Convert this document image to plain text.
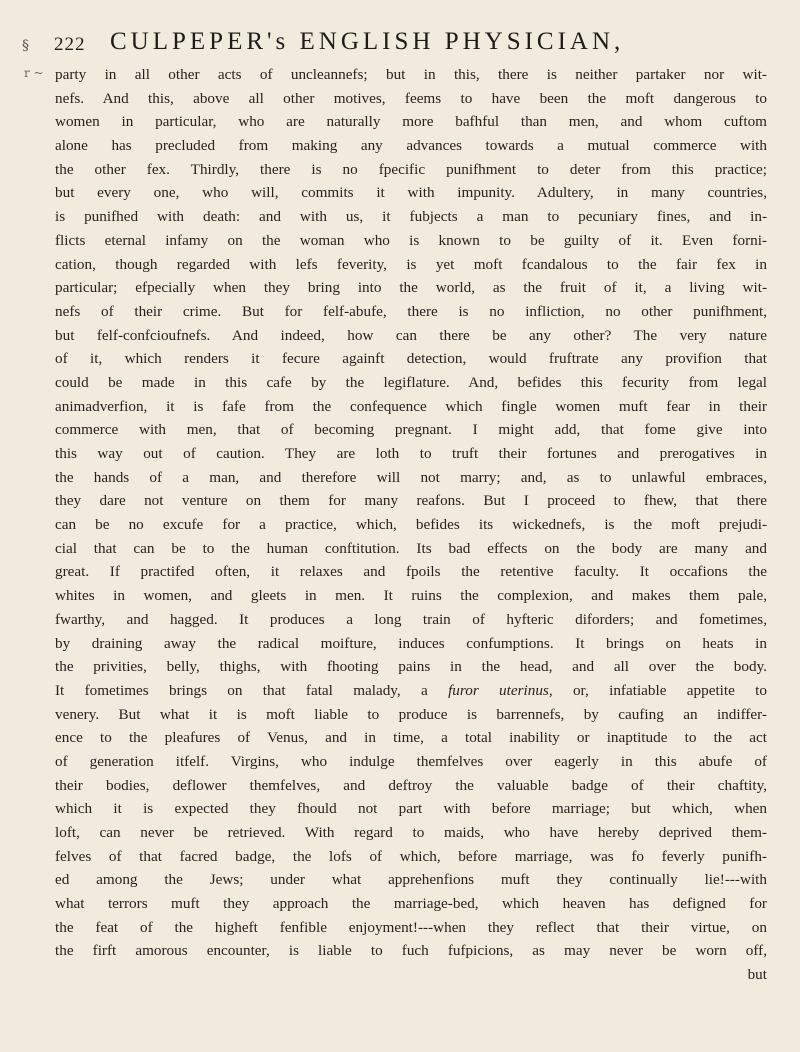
§
r ~
222 CULPEPER's ENGLISH PHYSICIAN,
party in all other acts of uncleannefs; but in this, there is neither partaker nor wit-
nefs. And this, above all other motives, feems to have been the moft dangerous to
women in particular, who are naturally more bafhful than men, and whom cuftom
alone has precluded from making any advances towards a mutual commerce with
the other fex. Thirdly, there is no fpecific punifhment to deter from this practice;
but every one, who will, commits it with impunity. Adultery, in many countries,
is punifhed with death: and with us, it fubjects a man to pecuniary fines, and in-
flicts eternal infamy on the woman who is known to be guilty of it. Even forni-
cation, though regarded with lefs feverity, is yet moft fcandalous to the fair fex in
particular; efpecially when they bring into the world, as the fruit of it, a living wit-
nefs of their crime. But for felf-abufe, there is no infliction, no other punifhment,
but felf-confcioufnefs. And indeed, how can there be any other? The very nature
of it, which renders it fecure againft detection, would fruftrate any provifion that
could be made in this cafe by the legiflature. And, befides this fecurity from legal
animadverfion, it is fafe from the confequence which fingle women muft fear in their
commerce with men, that of becoming pregnant. I might add, that fome give into
this way out of caution. They are loth to truft their fortunes and prerogatives in
the hands of a man, and therefore will not marry; and, as to unlawful embraces,
they dare not venture on them for many reafons. But I proceed to fhew, that there
can be no excufe for a practice, which, befides its wickednefs, is the moft prejudi-
cial that can be to the human conftitution. Its bad effects on the body are many and
great. If practifed often, it relaxes and fpoils the retentive faculty. It occafions the
whites in women, and gleets in men. It ruins the complexion, and makes them pale,
fwarthy, and hagged. It produces a long train of hyfteric diforders; and fometimes,
by draining away the radical moifture, induces confumptions. It brings on heats in
the privities, belly, thighs, with fhooting pains in the head, and all over the body.
It fometimes brings on that fatal malady, a furor uterinus, or, infatiable appetite to
venery. But what it is moft liable to produce is barrennefs, by caufing an indiffer-
ence to the pleafures of Venus, and in time, a total inability or inaptitude to the act
of generation itfelf. Virgins, who indulge themfelves over eagerly in this abufe of
their bodies, deflower themfelves, and deftroy the valuable badge of their chaftity,
which it is expected they fhould not part with before marriage; but which, when
loft, can never be retrieved. With regard to maids, who have hereby deprived them-
felves of that facred badge, the lofs of which, before marriage, was fo feverly punifh-
ed among the Jews; under what apprehenfions muft they continually lie!---with
what terrors muft they approach the marriage-bed, which heaven has defigned for
the feat of the higheft fenfible enjoyment!---when they reflect that their virtue, on
the firft amorous encounter, is liable to fuch fufpicions, as may never be worn off,
but
